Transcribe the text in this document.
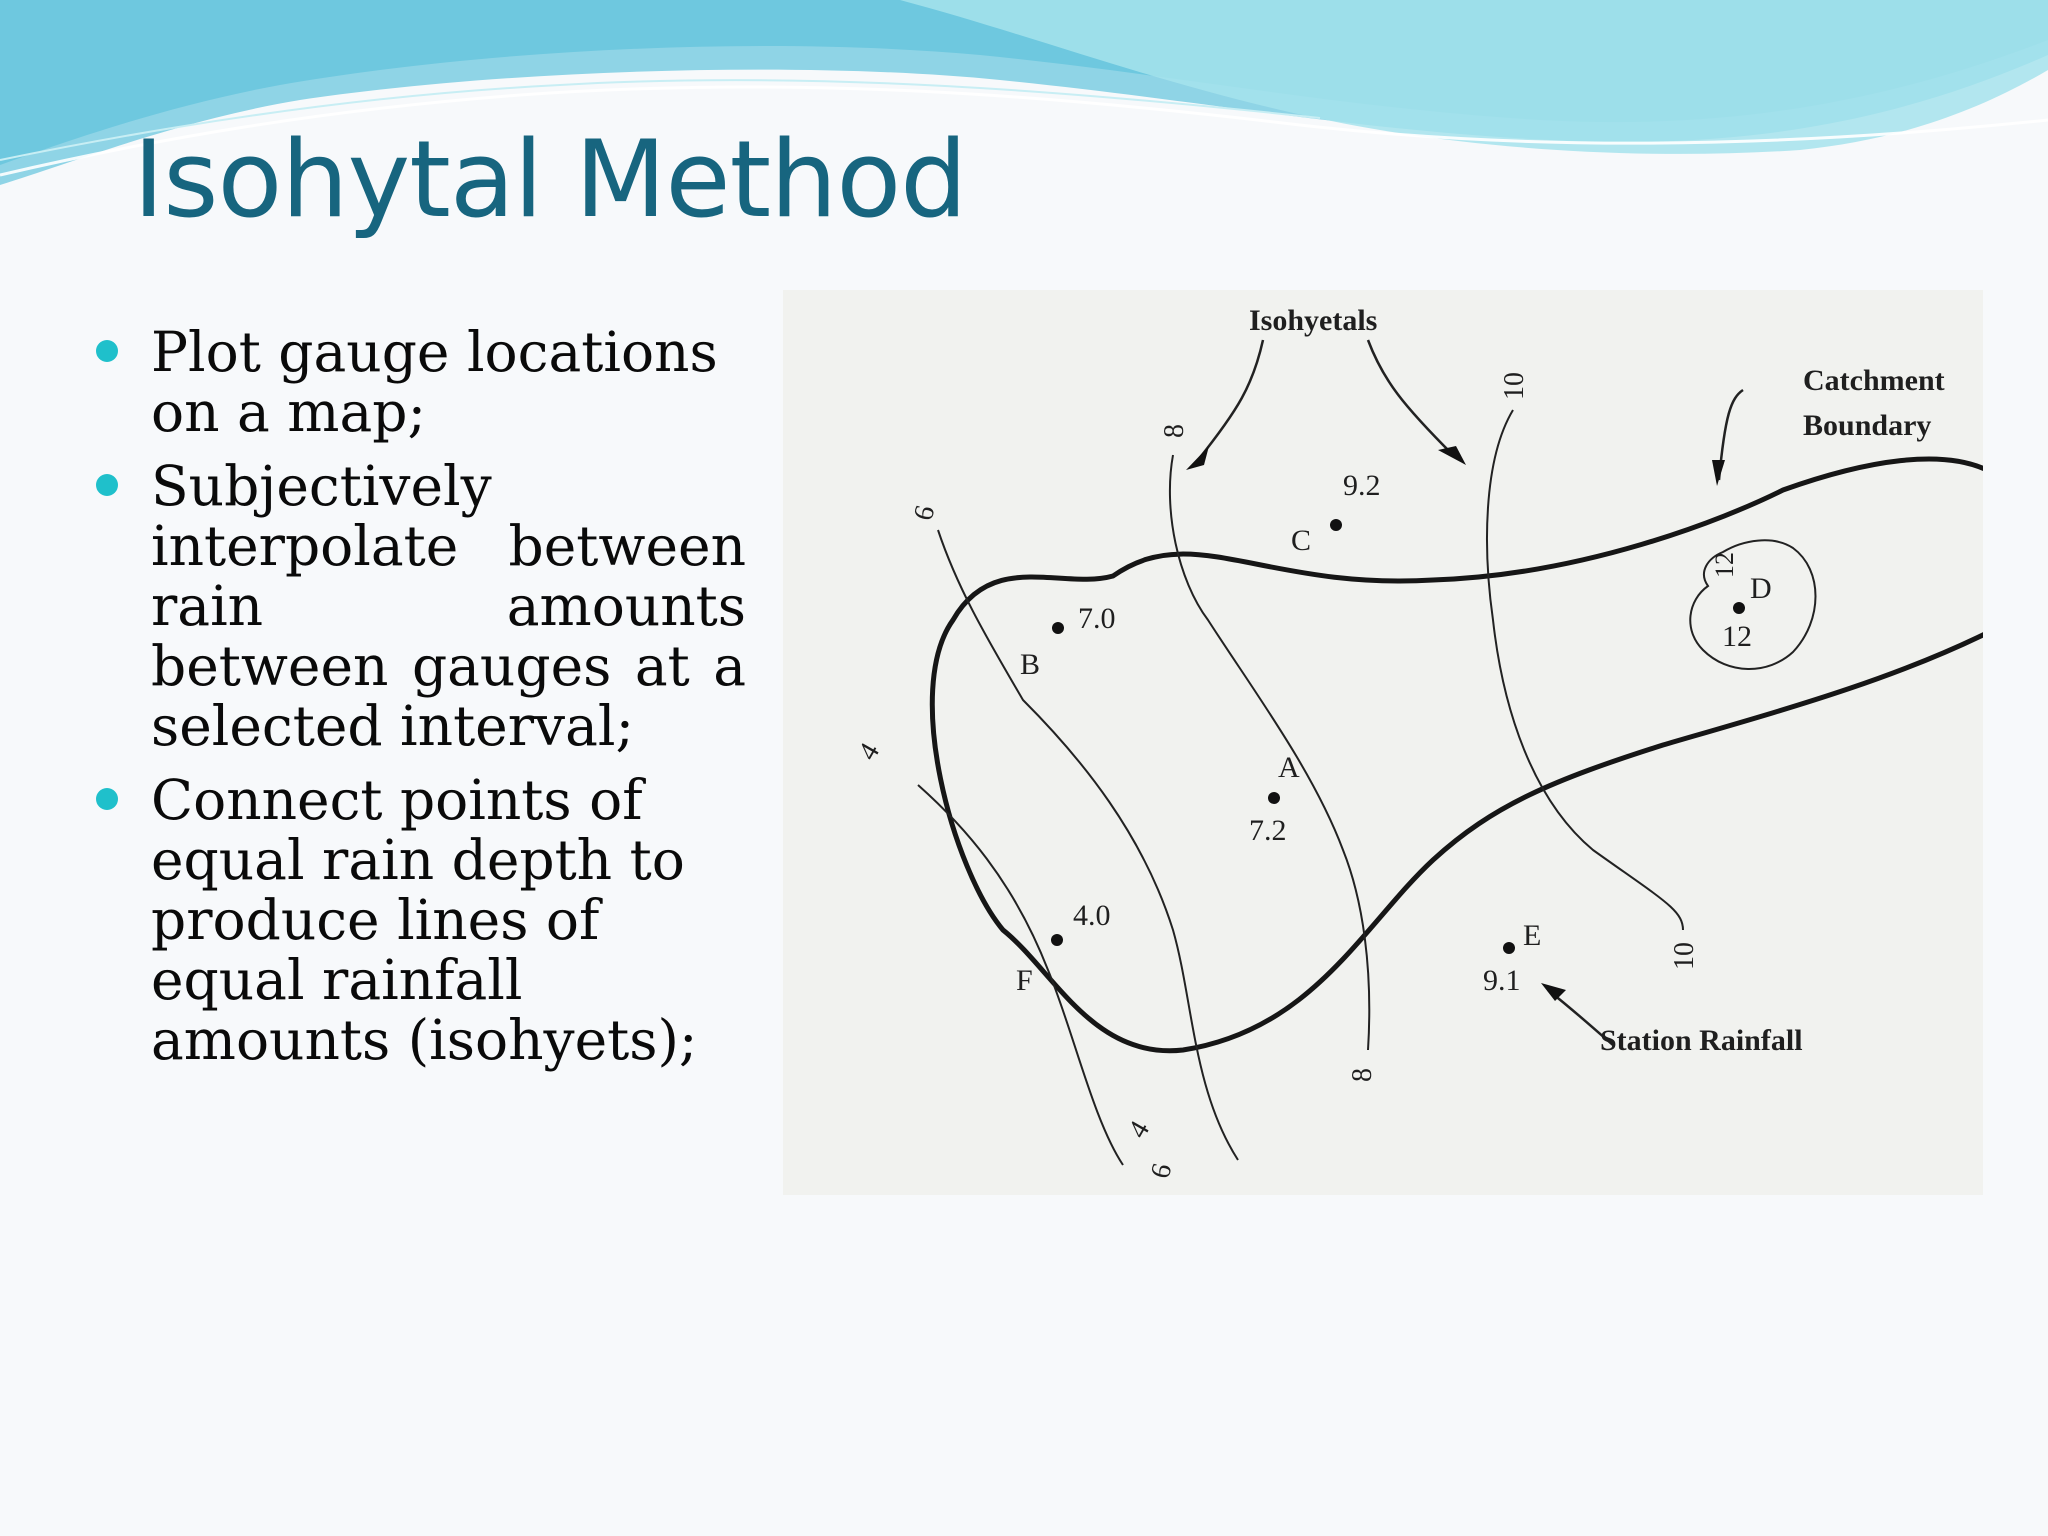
Isohytal Method
Plot gauge locations on a map;
Subjectively interpolate between rain amounts between gauges at a selected interval;
Connect points of equal rain depth to produce lines of equal rainfall amounts (isohyets);
Isohyetals
Catchment
Boundary
Station Rainfall
A
7.2
B
7.0
C
9.2
D
12
E
9.1
F
4.0
4
4
6
6
8
8
10
10
12
